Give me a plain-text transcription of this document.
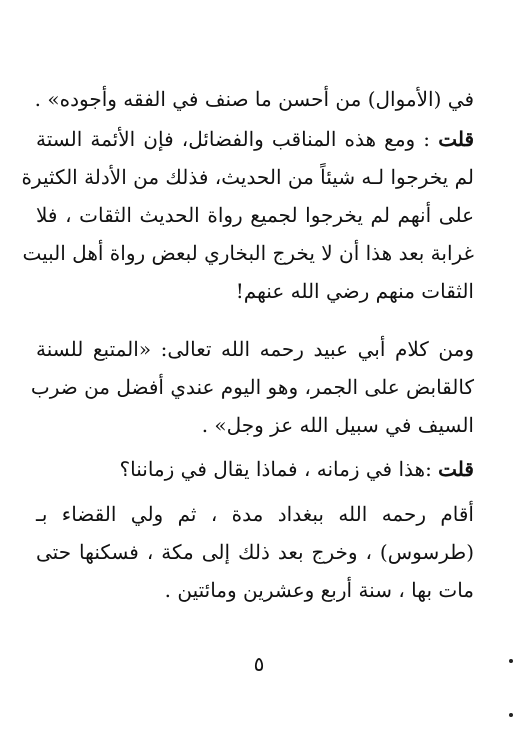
في (الأموال) من أحسن ما صنف في الفقه وأجوده» .
قلت : ومع هذه المناقب والفضائل، فإن الأئمة الستة
لم يخرجوا لـه شيئاً من الحديث، فذلك من الأدلة الكثيرة
على أنهم لم يخرجوا لجميع رواة الحديث الثقات ، فلا
غرابة بعد هذا أن لا يخرج البخاري لبعض رواة أهل البيت
الثقات منهم رضي الله عنهم!
ومن كلام أبي عبيد رحمه الله تعالى: «المتبع للسنة
كالقابض على الجمر، وهو اليوم عندي أفضل من ضرب
السيف في سبيل الله عز وجل» .
قلت :هذا في زمانه ، فماذا يقال في زماننا؟
أقام رحمه الله ببغداد مدة ، ثم ولي القضاء بـ
(طرسوس) ، وخرج بعد ذلك إلى مكة ، فسكنها حتى
مات بها ، سنة أربع وعشرين ومائتين .
٥
